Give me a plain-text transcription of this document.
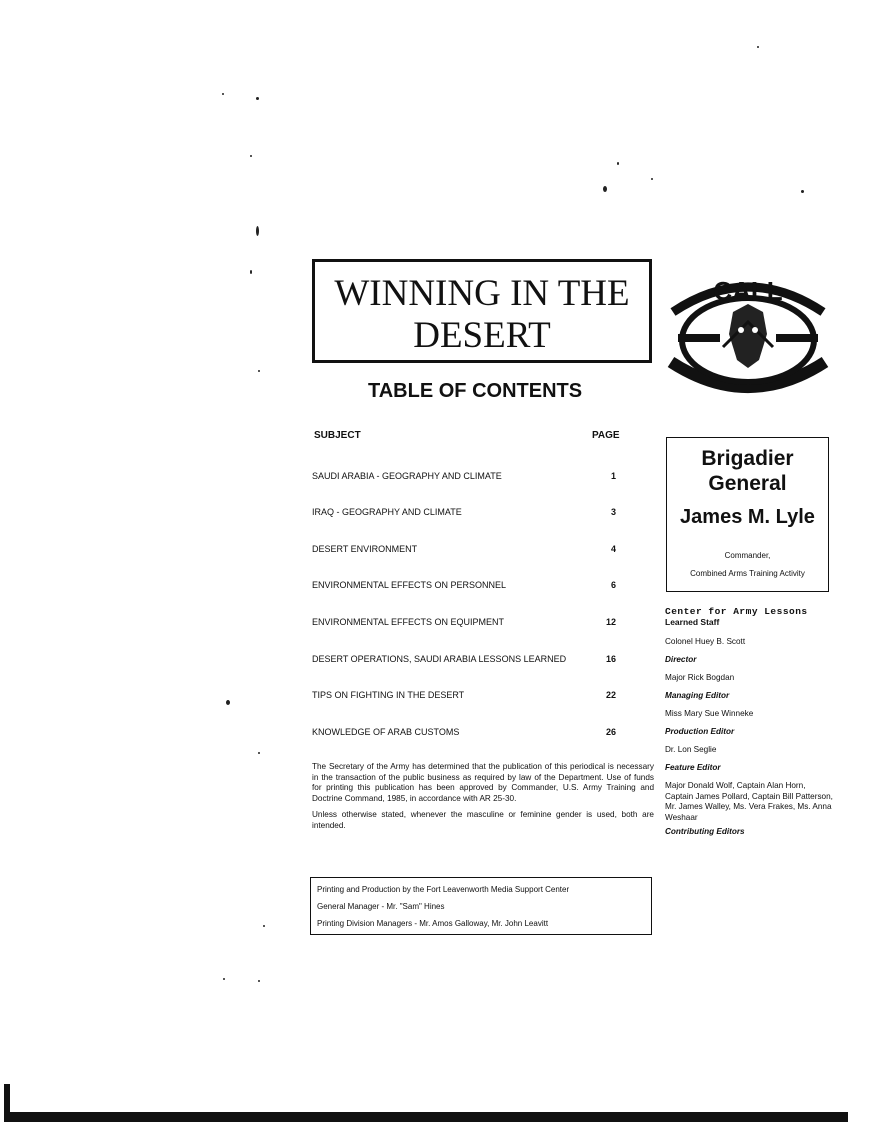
WINNING IN THE
DESERT
CALL
TABLE OF CONTENTS
SUBJECT	PAGE
SAUDI ARABIA - GEOGRAPHY AND CLIMATE	1
IRAQ - GEOGRAPHY AND CLIMATE	3
DESERT ENVIRONMENT	4
ENVIRONMENTAL EFFECTS ON PERSONNEL	6
ENVIRONMENTAL EFFECTS ON EQUIPMENT	12
DESERT OPERATIONS, SAUDI ARABIA LESSONS LEARNED	16
TIPS ON FIGHTING IN THE DESERT	22
KNOWLEDGE OF ARAB CUSTOMS	26

The Secretary of the Army has determined that the publication of this periodical is necessary in the transaction of the public business as required by law of the Department. Use of funds for printing this publication has been approved by Commander, U.S. Army Training and Doctrine Command, 1985, in accordance with AR 25-30.

Unless otherwise stated, whenever the masculine or feminine gender is used, both are intended.

Printing and Production by the Fort Leavenworth Media Support Center
General Manager - Mr. "Sam" Hines
Printing Division Managers - Mr. Amos Galloway, Mr. John Leavitt
Brigadier
General
James M. Lyle
Commander,
Combined Arms Training Activity
Center for Army Lessons
Learned Staff
Colonel Huey B. Scott
Director
Major Rick Bogdan
Managing Editor
Miss Mary Sue Winneke
Production Editor
Dr. Lon Seglie
Feature Editor
Major Donald Wolf, Captain Alan Horn, Captain James Pollard, Captain Bill Patterson, Mr. James Walley, Ms. Vera Frakes, Ms. Anna Weshaar
Contributing Editors
